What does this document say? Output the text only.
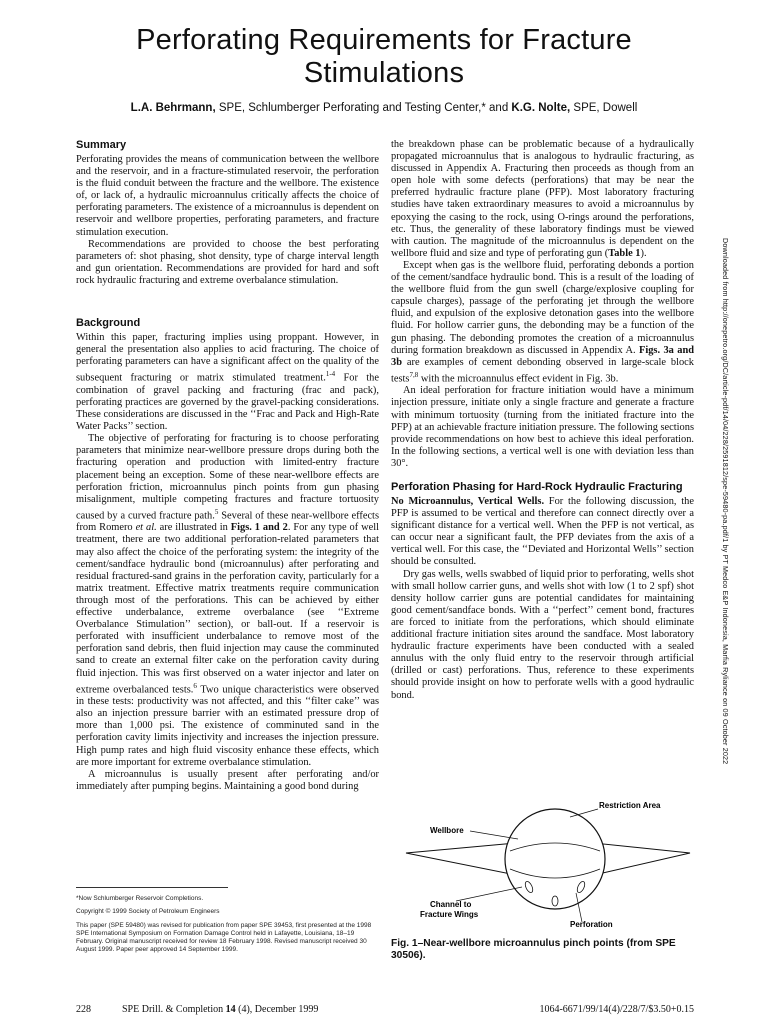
Perforating Requirements for Fracture
Stimulations
L.A. Behrmann, SPE, Schlumberger Perforating and Testing Center,* and K.G. Nolte, SPE, Dowell
Summary

Perforating provides the means of communication between the wellbore and the reservoir, and in a fracture-stimulated reservoir, the perforation is the fluid conduit between the fracture and the wellbore. The existence of, or lack of, a hydraulic microannulus critically affects the choice of perforating parameters. The existence of a microannulus is dependent on reservoir and wellbore properties, perforating parameters, and fracture stimulation execution.

Recommendations are provided to choose the best perforating parameters of: shot phasing, shot density, type of charge interval length and gun orientation. Recommendations are provided for hard and soft rock hydraulic fracturing and extreme overbalance stimulation.

Background

Within this paper, fracturing implies using proppant. However, in general the presentation also applies to acid fracturing. The choice of perforating parameters can have a significant affect on the quality of the subsequent fracturing or matrix stimulated treatment.$^{1-4}$ For the combination of gravel packing and fracturing (frac and pack), perforating practices are governed by the gravel-packing considerations. These considerations are discussed in the ‘‘Frac and Pack and High-Rate Water Packs’’ section.

The objective of perforating for fracturing is to choose perforating parameters that minimize near-wellbore pressure drops during both the fracturing operation and production with limited-entry fracture placement being an exception. Some of these near-wellbore effects are perforation friction, microannulus pinch points from gun phasing misalignment, multiple competing fractures and fracture tortuosity caused by a curved fracture path.$^5$ Several of these near-wellbore effects from Romero et al. are illustrated in Figs. 1 and 2. For any type of well treatment, there are two additional perforation-related parameters that may also affect the choice of the perforating system: the integrity of the cement/sandface hydraulic bond (microannulus) after perforating and residual fractured-sand grains in the perforation cavity, particularly for a matrix treatment. Effective matrix treatments require communication through most of the perforations. This can be achieved by either effective underbalance, extreme overbalance (see ‘‘Extreme Overbalance Stimulation’’ section), or ball-out. If a reservoir is perforated with insufficient underbalance to remove most of the perforation sand debris, then fluid injection may cause the comminuted sand to create an external filter cake on the perforation cavity during fluid injection. This was first observed on a water injector and later on extreme overbalanced tests.$^6$ Two unique characteristics were observed in these tests: productivity was not affected, and this ‘‘filter cake’’ was also an injection pressure barrier with an estimated pressure drop of more than 1,000 psi. The existence of comminuted sand in the perforation cavity limits injectivity and increases the injection pressure. High pump rates and high fluid viscosity enhance these effects, which are more important for extreme overbalance stimulation.

A microannulus is usually present after perforating and/or immediately after pumping begins. Maintaining a good bond during

*Now Schlumberger Reservoir Completions.

Copyright © 1999 Society of Petroleum Engineers

This paper (SPE 59480) was revised for publication from paper SPE 39453, first presented at the 1998 SPE International Symposium on Formation Damage Control held in Lafayette, Louisiana, 18–19 February. Original manuscript received for review 18 February 1998. Revised manuscript received 30 August 1999. Paper peer approved 14 September 1999.

the breakdown phase can be problematic because of a hydraulically propagated microannulus that is analogous to hydraulic fracturing, as discussed in Appendix A. Fracturing then proceeds as though from an open hole with some defects (perforations) that may be near the preferred hydraulic fracture plane (PFP). Most laboratory fracturing studies have taken extraordinary measures to avoid a microannulus by epoxying the casing to the rock, using O-rings around the perforations, etc. Thus, the generality of these laboratory findings must be viewed with caution. The magnitude of the microannulus is dependent on the wellbore fluid and size and type of perforating gun (Table 1).

Except when gas is the wellbore fluid, perforating debonds a portion of the cement/sandface hydraulic bond. This is a result of the loading of the wellbore fluid from the gun swell (charge/explosive coupling for capsule charges), passage of the perforating jet through the wellbore fluid, and expulsion of the explosive detonation gases into the wellbore fluid. For hollow carrier guns, the debonding may be a function of the gun phasing. The debonding promotes the creation of a microannulus during formation breakdown as discussed in Appendix A. Figs. 3a and 3b are examples of cement debonding observed in large-scale block tests$^{7,8}$ with the microannulus effect evident in Fig. 3b.

An ideal perforation for fracture initiation would have a minimum injection pressure, initiate only a single fracture and generate a fracture with minimum tortuosity (turning from the initiated fracture into the PFP) at an achievable fracture initiation pressure. The following sections provide recommendations on how best to achieve this ideal perforation. In the following sections, a vertical well is one with deviation less than 30°.

Perforation Phasing for Hard-Rock Hydraulic Fracturing

No Microannulus, Vertical Wells. For the following discussion, the PFP is assumed to be vertical and therefore can connect directly over a significant distance for a vertical well. When the PFP is not vertical, as can occur near a significant fault, the PFP deviates from the axis of a vertical well. For this case, the ‘‘Deviated and Horizontal Wells’’ section should be consulted.

Dry gas wells, wells swabbed of liquid prior to perforating, wells shot with small hollow carrier guns, and wells shot with low (1 to 2 spf) shot density hollow carrier guns are potential candidates for maintaining good cement/sandface bonds. With a ‘‘perfect’’ cement bond, fractures are forced to initiate from the perforations, which should eliminate additional fracture initiation sites around the sandface. Most laboratory hydraulic fracture experiments have been conducted with a sealed annulus with the only fluid entry to the reservoir through artificial (drilled or cast) perforations. Thus, reference to these experiments should provide insight on how to perforate wells with a good hydraulic bond.

Restriction Area
Wellbore
Channel to
Fracture Wings
Perforation
Fig. 1–Near-wellbore microannulus pinch points (from SPE 30506).
Downloaded from http://onepetro.org/DC/article-pdf/14/04/228/2591812/spe-59480-pa.pdf/1 by PT Medco E&P Indonesia, Marfia Ryliance on 09 October 2022
228	SPE Drill. & Completion 14 (4), December 1999	1064-6671/99/14(4)/228/7/$3.50+0.15
